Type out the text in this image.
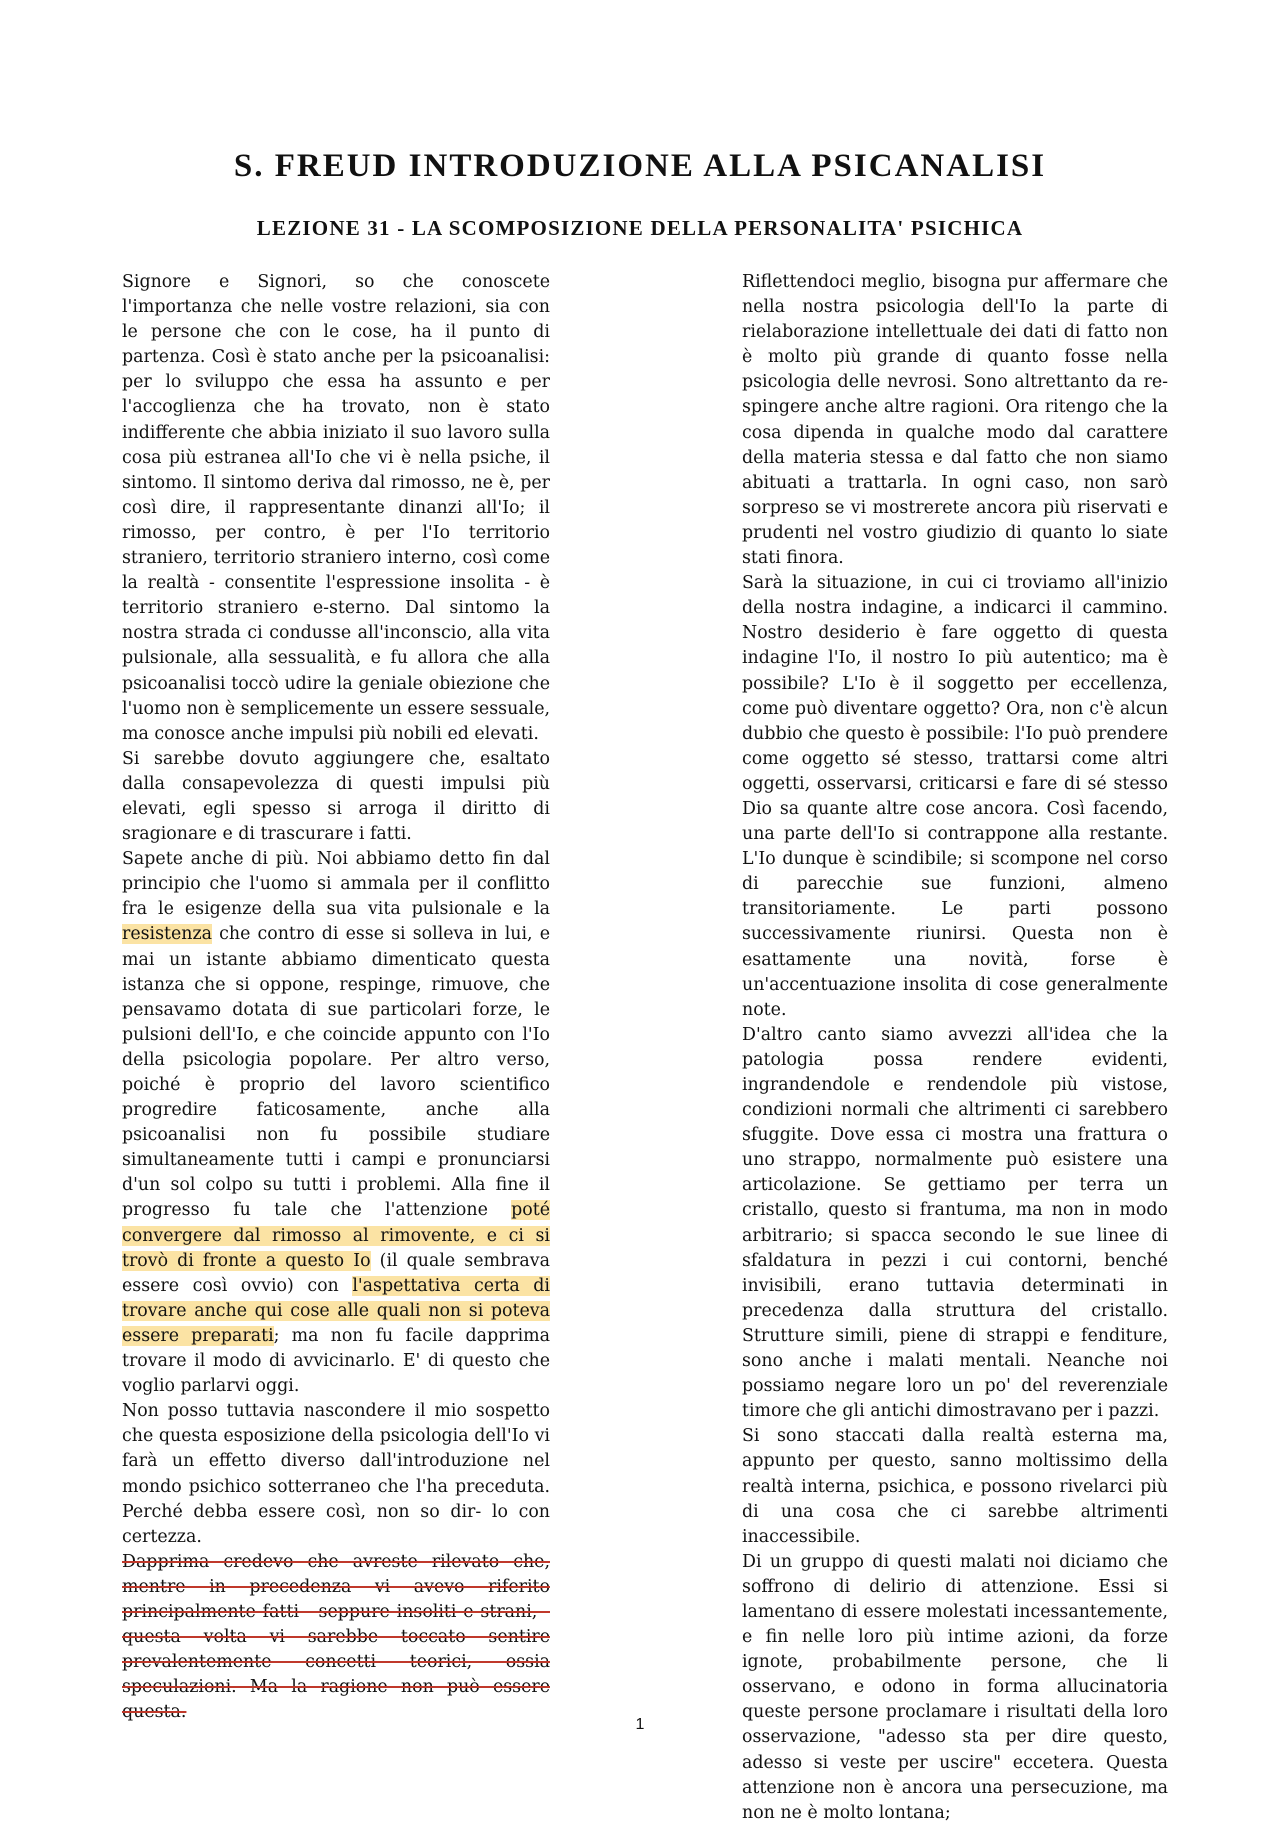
S. FREUD INTRODUZIONE ALLA PSICANALISI
LEZIONE 31 - LA SCOMPOSIZIONE DELLA PERSONALITA' PSICHICA

Signore e Signori, so che conoscete l'importanza che nelle vostre relazioni, sia con le persone che con le cose, ha il punto di partenza. Così è stato anche per la psicoanalisi: per lo sviluppo che essa ha assunto e per l'accoglienza che ha trovato, non è stato indifferente che abbia iniziato il suo lavoro sulla cosa più estranea all'Io che vi è nella psiche, il sintomo. Il sintomo deriva dal rimosso, ne è, per così dire, il rappresentante dinanzi all'Io; il rimosso, per contro, è per l'Io territorio straniero, territorio straniero interno, così come la realtà - consentite l'espressione insolita - è territorio straniero e-sterno. Dal sintomo la nostra strada ci condusse all'inconscio, alla vita pulsionale, alla sessualità, e fu allora che alla psicoanalisi toccò udire la geniale obiezione che l'uomo non è semplicemente un essere sessuale, ma conosce anche impulsi più nobili ed elevati.

Si sarebbe dovuto aggiungere che, esaltato dalla consapevolezza di questi impulsi più elevati, egli spesso si arroga il diritto di sragionare e di trascurare i fatti.

Sapete anche di più. Noi abbiamo detto fin dal principio che l'uomo si ammala per il conflitto fra le esigenze della sua vita pulsionale e la resistenza che contro di esse si solleva in lui, e mai un istante abbiamo dimenticato questa istanza che si oppone, respinge, rimuove, che pensavamo dotata di sue particolari forze, le pulsioni dell'Io, e che coincide appunto con l'Io della psicologia popolare. Per altro verso, poiché è proprio del lavoro scientifico progredire faticosamente, anche alla psicoanalisi non fu possibile studiare simultaneamente tutti i campi e pronunciarsi d'un sol colpo su tutti i problemi. Alla fine il progresso fu tale che l'attenzione poté convergere dal rimosso al rimovente, e ci si trovò di fronte a questo Io (il quale sembrava essere così ovvio) con l'aspettativa certa di trovare anche qui cose alle quali non si poteva essere preparati; ma non fu facile dapprima trovare il modo di avvicinarlo. E' di questo che voglio parlarvi oggi.

Non posso tuttavia nascondere il mio sospetto che questa esposizione della psicologia dell'Io vi farà un effetto diverso dall'introduzione nel mondo psichico sotterraneo che l'ha preceduta. Perché debba essere così, non so dir- lo con certezza.

Dapprima credevo che avreste rilevato che, mentre in precedenza vi avevo riferito principalmente fatti - seppure insoliti e strani, - questa volta vi sarebbe toccato sentire prevalentemente concetti teorici, ossia speculazioni. Ma la ragione non può essere questa.

Riflettendoci meglio, bisogna pur affermare che nella nostra psicologia dell'Io la parte di rielaborazione intellettuale dei dati di fatto non è molto più grande di quanto fosse nella psicologia delle nevrosi. Sono altrettanto da re-spingere anche altre ragioni. Ora ritengo che la cosa dipenda in qualche modo dal carattere della materia stessa e dal fatto che non siamo abituati a trattarla. In ogni caso, non sarò sorpreso se vi mostrerete ancora più riservati e prudenti nel vostro giudizio di quanto lo siate stati finora.

Sarà la situazione, in cui ci troviamo all'inizio della nostra indagine, a indicarci il cammino. Nostro desiderio è fare oggetto di questa indagine l'Io, il nostro Io più autentico; ma è possibile? L'Io è il soggetto per eccellenza, come può diventare oggetto? Ora, non c'è alcun dubbio che questo è possibile: l'Io può prendere come oggetto sé stesso, trattarsi come altri oggetti, osservarsi, criticarsi e fare di sé stesso Dio sa quante altre cose ancora. Così facendo, una parte dell'Io si contrappone alla restante. L'Io dunque è scindibile; si scompone nel corso di parecchie sue funzioni, almeno transitoriamente. Le parti possono successivamente riunirsi. Questa non è esattamente una novità, forse è un'accentuazione insolita di cose generalmente note.

D'altro canto siamo avvezzi all'idea che la patologia possa rendere evidenti, ingrandendole e rendendole più vistose, condizioni normali che altrimenti ci sarebbero sfuggite. Dove essa ci mostra una frattura o uno strappo, normalmente può esistere una articolazione. Se gettiamo per terra un cristallo, questo si frantuma, ma non in modo arbitrario; si spacca secondo le sue linee di sfaldatura in pezzi i cui contorni, benché invisibili, erano tuttavia determinati in precedenza dalla struttura del cristallo. Strutture simili, piene di strappi e fenditure, sono anche i malati mentali. Neanche noi possiamo negare loro un po' del reverenziale timore che gli antichi dimostravano per i pazzi.

Si sono staccati dalla realtà esterna ma, appunto per questo, sanno moltissimo della realtà interna, psichica, e possono rivelarci più di una cosa che ci sarebbe altrimenti inaccessibile.

Di un gruppo di questi malati noi diciamo che soffrono di delirio di attenzione. Essi si lamentano di essere molestati incessantemente, e fin nelle loro più intime azioni, da forze ignote, probabilmente persone, che li osservano, e odono in forma allucinatoria queste persone proclamare i risultati della loro osservazione, "adesso sta per dire questo, adesso si veste per uscire" eccetera. Questa attenzione non è ancora una persecuzione, ma non ne è molto lontana;

1
